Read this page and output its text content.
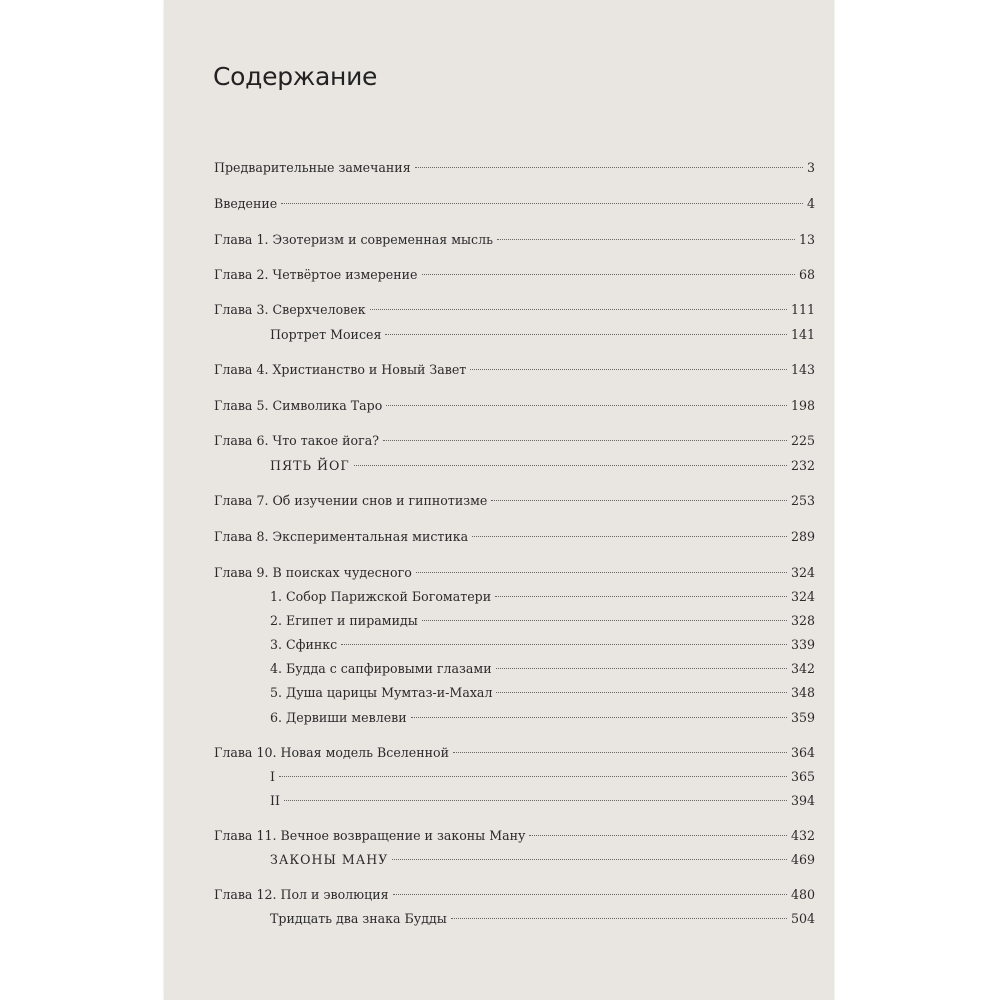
Содержание
Предварительные замечания	3
Введение	4
Глава 1. Эзотеризм и современная мысль	13
Глава 2. Четвёртое измерение	68
Глава 3. Сверхчеловек	111
Портрет Моисея	141
Глава 4. Христианство и Новый Завет	143
Глава 5. Символика Таро	198
Глава 6. Что такое йога?	225
ПЯТЬ ЙОГ	232
Глава 7. Об изучении снов и гипнотизме	253
Глава 8. Экспериментальная мистика	289
Глава 9. В поисках чудесного	324
1. Собор Парижской Богоматери	324
2. Египет и пирамиды	328
3. Сфинкс	339
4. Будда с сапфировыми глазами	342
5. Душа царицы Мумтаз-и-Махал	348
6. Дервиши мевлеви	359
Глава 10. Новая модель Вселенной	364
I	365
II	394
Глава 11. Вечное возвращение и законы Ману	432
ЗАКОНЫ МАНУ	469
Глава 12. Пол и эволюция	480
Тридцать два знака Будды	504
